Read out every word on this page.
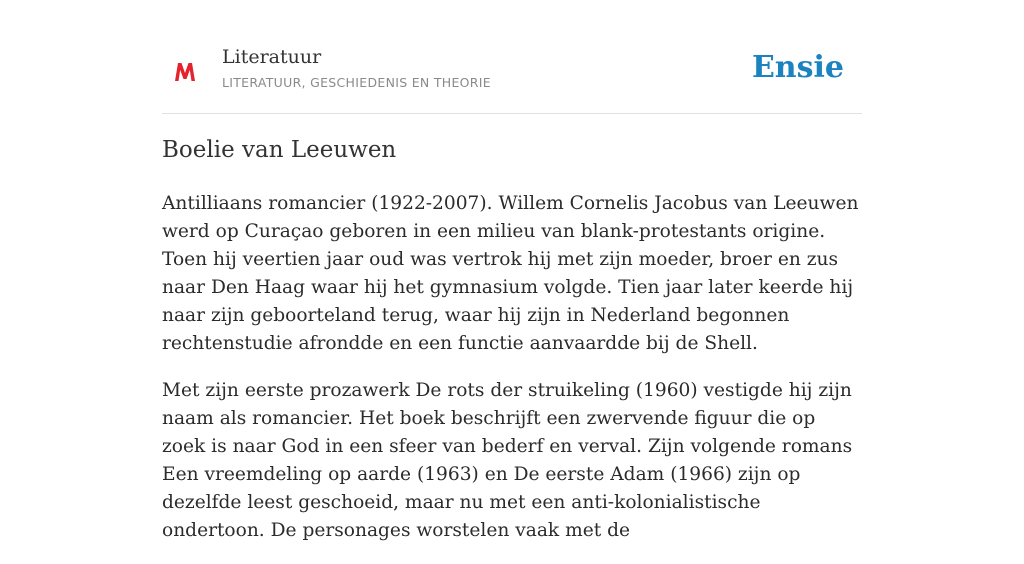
Literatuur
LITERATUUR, GESCHIEDENIS EN THEORIE	Ensie
Boelie van Leeuwen

Antilliaans romancier (1922-2007). Willem Cornelis Jacobus van Leeuwen werd op Curaçao geboren in een milieu van blank-protestants origine. Toen hij veertien jaar oud was vertrok hij met zijn moeder, broer en zus naar Den Haag waar hij het gymnasium volgde. Tien jaar later keerde hij naar zijn geboorteland terug, waar hij zijn in Nederland begonnen rechtenstudie afrondde en een functie aanvaardde bij de Shell.

Met zijn eerste prozawerk De rots der struikeling (1960) vestigde hij zijn naam als romancier. Het boek beschrijft een zwervende figuur die op zoek is naar God in een sfeer van bederf en verval. Zijn volgende romans Een vreemdeling op aarde (1963) en De eerste Adam (1966) zijn op dezelfde leest geschoeid, maar nu met een anti-kolonialistische ondertoon. De personages worstelen vaak met de
